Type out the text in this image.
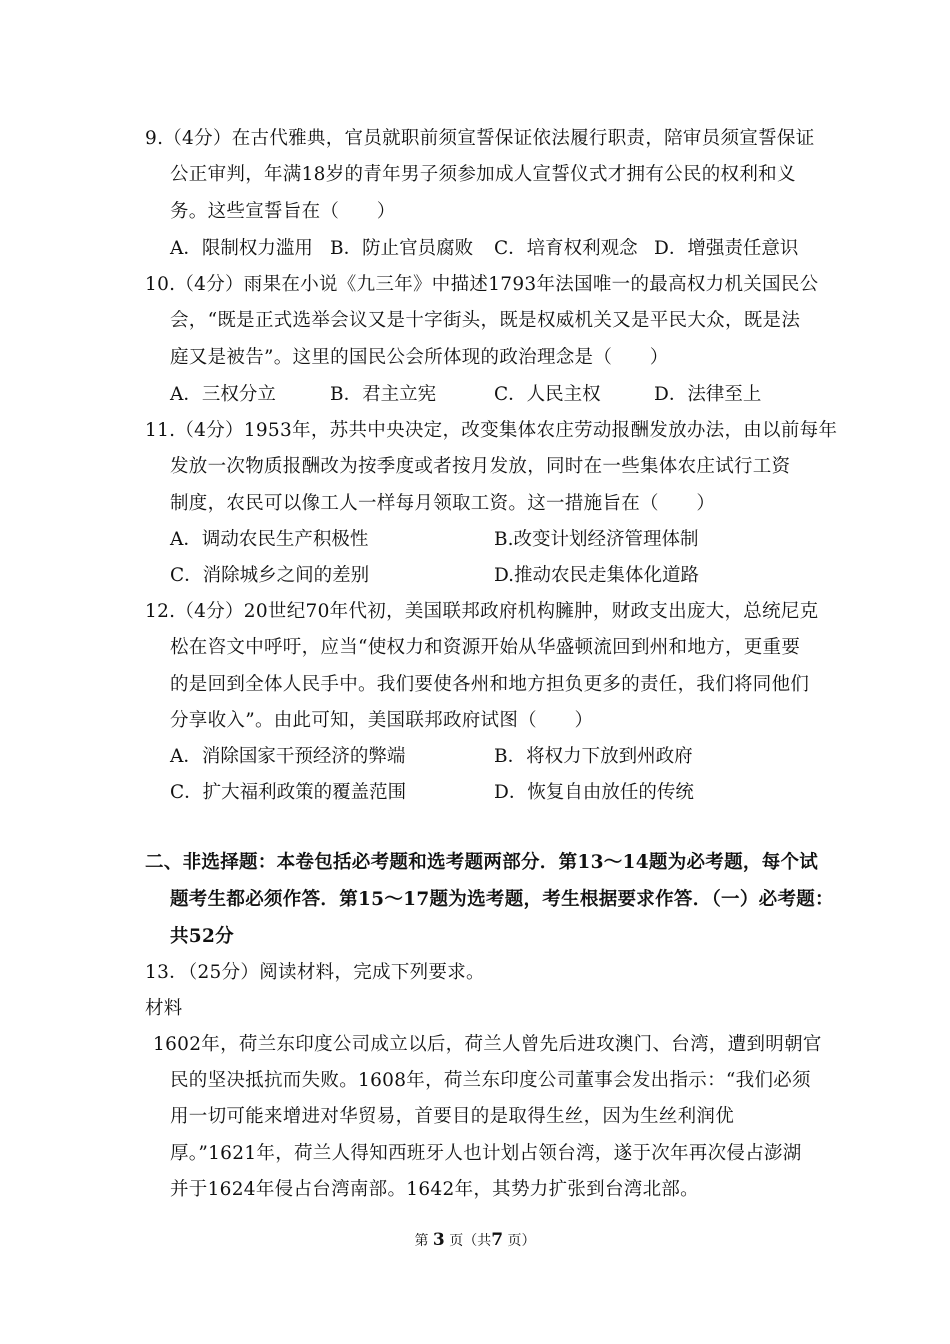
9.（4分）在古代雅典，官员就职前须宣誓保证依法履行职责，陪审员须宣誓保证
公正审判，年满18岁的青年男子须参加成人宣誓仪式才拥有公民的权利和义
务。这些宣誓旨在（　　）
A．限制权力滥用 B．防止官员腐败 C．培育权利观念 D．增强责任意识
10.（4分）雨果在小说《九三年》中描述1793年法国唯一的最高权力机关国民公
会，“既是正式选举会议又是十字街头，既是权威机关又是平民大众，既是法
庭又是被告”。这里的国民公会所体现的政治理念是（　　）
A．三权分立	B．君主立宪	C．人民主权	D．法律至上
11.（4分）1953年，苏共中央决定，改变集体农庄劳动报酬发放办法，由以前每年
发放一次物质报酬改为按季度或者按月发放，同时在一些集体农庄试行工资
制度，农民可以像工人一样每月领取工资。这一措施旨在（　　）
A．调动农民生产积极性	B.改变计划经济管理体制
C．消除城乡之间的差别	D.推动农民走集体化道路
12.（4分）20世纪70年代初，美国联邦政府机构臃肿，财政支出庞大，总统尼克
松在咨文中呼吁，应当“使权力和资源开始从华盛顿流回到州和地方，更重要
的是回到全体人民手中。我们要使各州和地方担负更多的责任，我们将同他们
分享收入”。由此可知，美国联邦政府试图（　　）
A．消除国家干预经济的弊端	B．将权力下放到州政府
C．扩大福利政策的覆盖范围	D．恢复自由放任的传统
二、非选择题：本卷包括必考题和选考题两部分．第13～14题为必考题，每个试
题考生都必须作答．第15～17题为选考题，考生根据要求作答．（一）必考题：
共52分
13．（25分）阅读材料，完成下列要求。
材料
1602年，荷兰东印度公司成立以后，荷兰人曾先后进攻澳门、台湾，遭到明朝官
民的坚决抵抗而失败。1608年，荷兰东印度公司董事会发出指示：“我们必须
用一切可能来增进对华贸易，首要目的是取得生丝，因为生丝利润优
厚。”1621年，荷兰人得知西班牙人也计划占领台湾，遂于次年再次侵占澎湖
并于1624年侵占台湾南部。1642年，其势力扩张到台湾北部。
第 3 页（共7 页）
